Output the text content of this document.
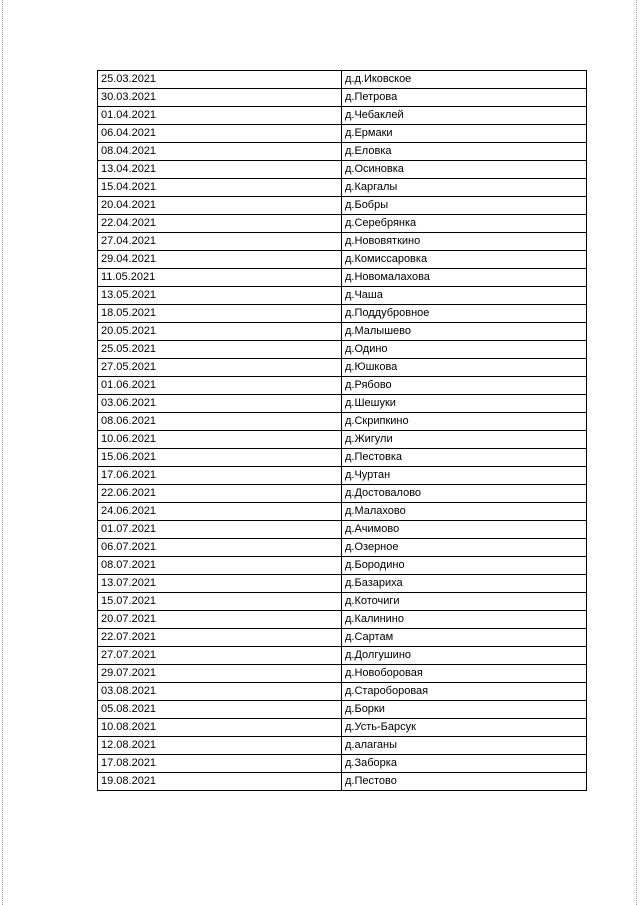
25.03.2021	д.д.Иковское
30.03.2021	д.Петрова
01.04.2021	д.Чебаклей
06.04.2021	д.Ермаки
08.04.2021	д.Еловка
13.04.2021	д.Осиновка
15.04.2021	д.Каргалы
20.04.2021	д.Бобры
22.04.2021	д.Серебрянка
27.04.2021	д.Нововяткино
29.04.2021	д.Комиссаровка
11.05.2021	д.Новомалахова
13.05.2021	д.Чаша
18.05.2021	д.Поддубровное
20.05.2021	д.Малышево
25.05.2021	д.Одино
27.05.2021	д.Юшкова
01.06.2021	д.Рябово
03.06.2021	д.Шешуки
08.06.2021	д.Скрипкино
10.06.2021	д.Жигули
15.06.2021	д.Пестовка
17.06.2021	д.Чуртан
22.06.2021	д.Достовалово
24.06.2021	д.Малахово
01.07.2021	д.Ачимово
06.07.2021	д.Озерное
08.07.2021	д.Бородино
13.07.2021	д.Базариха
15.07.2021	д.Коточиги
20.07.2021	д.Калинино
22.07.2021	д.Сартам
27.07.2021	д.Долгушино
29.07.2021	д.Новоборовая
03.08.2021	д.Староборовая
05.08.2021	д.Борки
10.08.2021	д.Усть-Барсук
12.08.2021	д.алаганы
17.08.2021	д.Заборка
19.08.2021	д.Пестово
